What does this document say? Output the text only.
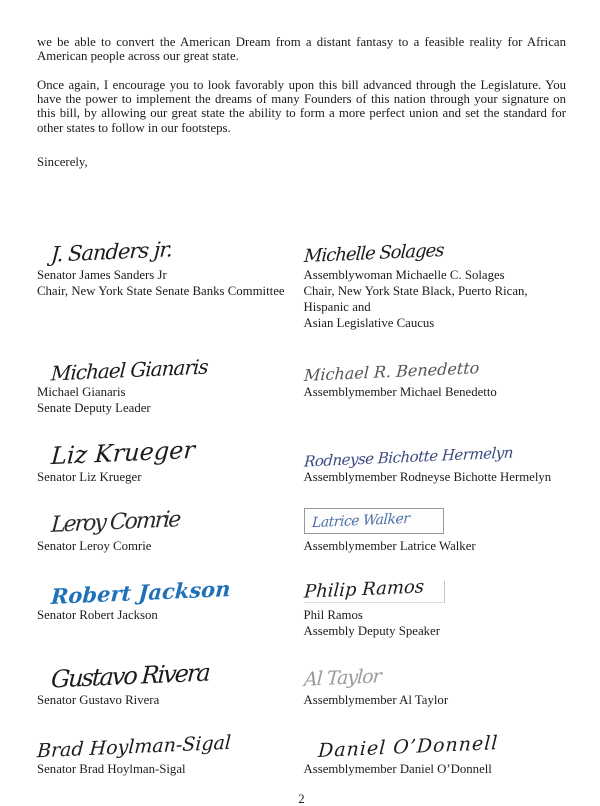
we be able to convert the American Dream from a distant fantasy to a feasible reality for African American people across our great state.

Once again, I encourage you to look favorably upon this bill advanced through the Legislature. You have the power to implement the dreams of many Founders of this nation through your signature on this bill, by allowing our great state the ability to form a more perfect union and set the standard for other states to follow in our footsteps.

Sincerely,

J. Sanders jr.
Senator James Sanders Jr
Chair, New York State Senate Banks Committee
Michelle Solages
Assemblywoman Michaelle C. Solages
Chair, New York State Black, Puerto Rican, Hispanic and
Asian Legislative Caucus
Michael Gianaris
Michael Gianaris
Senate Deputy Leader
Michael R. Benedetto
Assemblymember Michael Benedetto
Liz Krueger
Senator Liz Krueger
Rodneyse Bichotte Hermelyn
Assemblymember Rodneyse Bichotte Hermelyn
Leroy Comrie
Senator Leroy Comrie
Latrice Walker
Assemblymember Latrice Walker
Robert Jackson
Senator Robert Jackson
Philip Ramos
Phil Ramos
Assembly Deputy Speaker
Gustavo Rivera
Senator Gustavo Rivera
Al Taylor
Assemblymember Al Taylor
Brad Hoylman-Sigal
Senator Brad Hoylman-Sigal
Daniel O’Donnell
Assemblymember Daniel O’Donnell
2
